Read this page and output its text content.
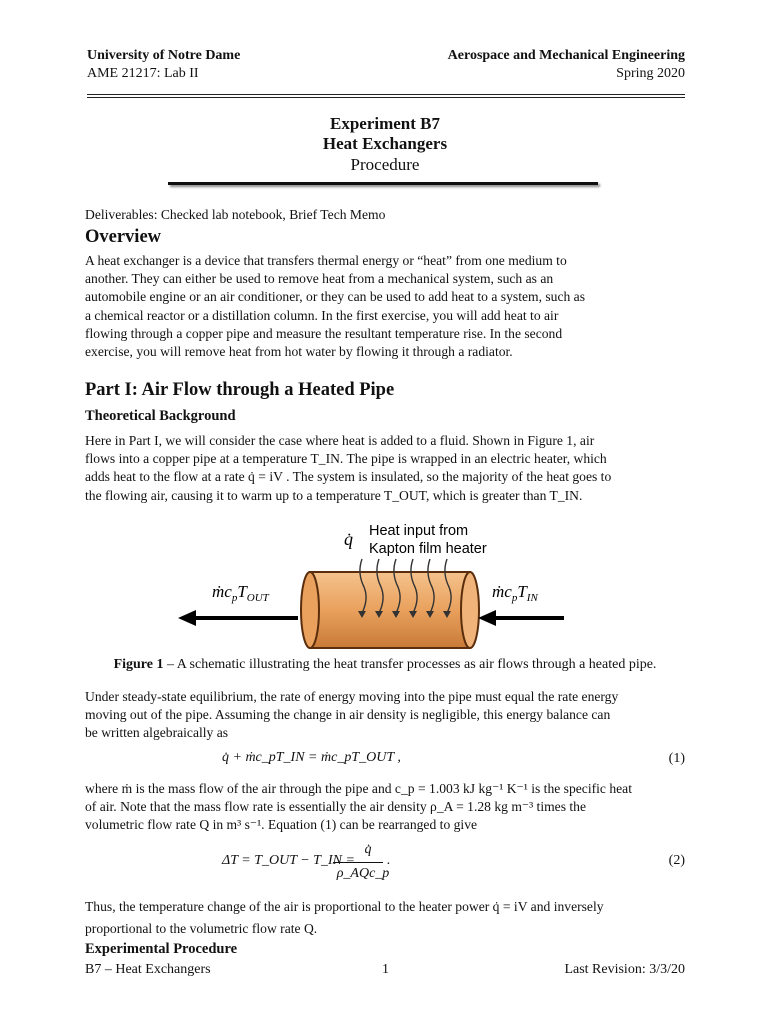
University of Notre Dame
AME 21217: Lab II
Aerospace and Mechanical Engineering
Spring 2020
Experiment B7
Heat Exchangers
Procedure
Deliverables: Checked lab notebook, Brief Tech Memo
Overview

A heat exchanger is a device that transfers thermal energy or “heat” from one medium to

another. They can either be used to remove heat from a mechanical system, such as an

automobile engine or an air conditioner, or they can be used to add heat to a system, such as

a chemical reactor or a distillation column. In the first exercise, you will add heat to air

flowing through a copper pipe and measure the resultant temperature rise. In the second

exercise, you will remove heat from hot water by flowing it through a radiator.

Part I: Air Flow through a Heated Pipe
Theoretical Background

Here in Part I, we will consider the case where heat is added to a fluid. Shown in Figure 1, air

flows into a copper pipe at a temperature T_IN. The pipe is wrapped in an electric heater, which

adds heat to the flow at a rate q̇ = iV . The system is insulated, so the majority of the heat goes to

the flowing air, causing it to warm up to a temperature T_OUT, which is greater than T_IN.

q̇ Heat input from
Kapton film heater
$ṁc_pT_{OUT}$	$ṁc_pT_{IN}$
Figure 1 – A schematic illustrating the heat transfer processes as air flows through a heated pipe.

Under steady-state equilibrium, the rate of energy moving into the pipe must equal the rate energy

moving out of the pipe. Assuming the change in air density is negligible, this energy balance can

be written algebraically as

q̇ + ṁc_pT_IN = ṁc_pT_OUT ,	(1)

where ṁ is the mass flow of the air through the pipe and c_p = 1.003 kJ kg⁻¹ K⁻¹ is the specific heat

of air. Note that the mass flow rate is essentially the air density ρ_A = 1.28 kg m⁻³ times the

volumetric flow rate Q in m³ s⁻¹. Equation (1) can be rearranged to give

ΔT = T_OUT − T_IN =
q̇
ρ_AQc_p
.	(2)

Thus, the temperature change of the air is proportional to the heater power q̇ = iV and inversely

proportional to the volumetric flow rate Q.

Experimental Procedure
B7 – Heat Exchangers	1	Last Revision: 3/3/20
